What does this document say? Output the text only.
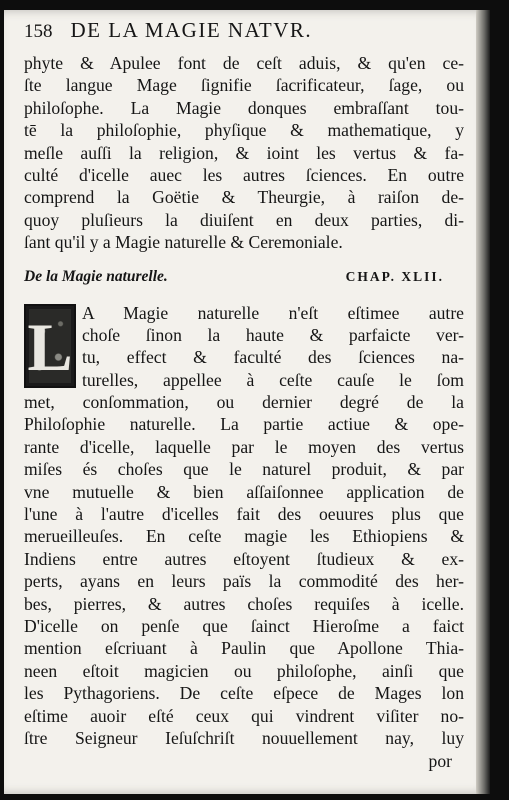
158 DE LA MAGIE NATVR.
phyte & Apulee font de ceſt aduis, & qu'en ce-
ſte langue Mage ſignifie ſacrificateur, ſage, ou
philoſophe. La Magie donques embraſſant tou-
tē la philoſophie, phyſique & mathematique, y
meſle auſſi la religion, & ioint les vertus & fa-
culté d'icelle auec les autres ſciences. En outre
comprend la Goëtie & Theurgie, à raiſon de-
quoy pluſieurs la diuiſent en deux parties, di-
ſant qu'il y a Magie naturelle & Ceremoniale.
De la Magie naturelle.	CHAP. XLII.
L A Magie naturelle n'eſt eſtimee autre
choſe ſinon la haute & parfaicte ver-
tu, effect & faculté des ſciences na-
turelles, appellee à ceſte cauſe le ſom
met, conſommation, ou dernier degré de la
Philoſophie naturelle. La partie actiue & ope-
rante d'icelle, laquelle par le moyen des vertus
miſes és choſes que le naturel produit, & par
vne mutuelle & bien aſſaiſonnee application de
l'une à l'autre d'icelles fait des oeuures plus que
merueilleuſes. En ceſte magie les Ethiopiens &
Indiens entre autres eſtoyent ſtudieux & ex-
perts, ayans en leurs païs la commodité des her-
bes, pierres, & autres choſes requiſes à icelle.
D'icelle on penſe que ſainct Hieroſme a faict
mention eſcriuant à Paulin que Apollone Thia-
neen eſtoit magicien ou philoſophe, ainſi que
les Pythagoriens. De ceſte eſpece de Mages lon
eſtime auoir eſté ceux qui vindrent viſiter no-
ſtre Seigneur Ieſuſchriſt nouuellement nay, luy
por
